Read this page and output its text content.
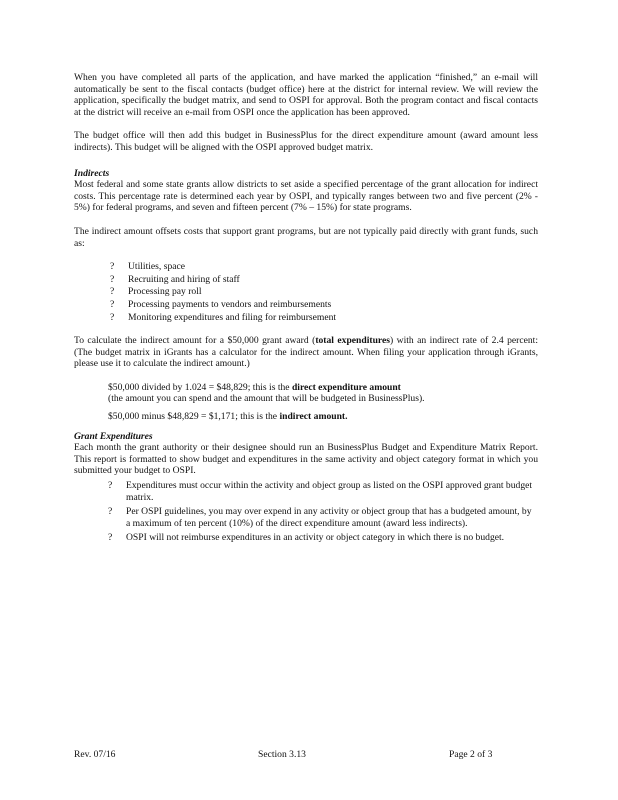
When you have completed all parts of the application, and have marked the application “finished,” an e-mail will automatically be sent to the fiscal contacts (budget office) here at the district for internal review. We will review the application, specifically the budget matrix, and send to OSPI for approval. Both the program contact and fiscal contacts at the district will receive an e-mail from OSPI once the application has been approved.

The budget office will then add this budget in BusinessPlus for the direct expenditure amount (award amount less indirects). This budget will be aligned with the OSPI approved budget matrix.

Indirects

Most federal and some state grants allow districts to set aside a specified percentage of the grant allocation for indirect costs. This percentage rate is determined each year by OSPI, and typically ranges between two and five percent (2% - 5%) for federal programs, and seven and fifteen percent (7% – 15%) for state programs.

The indirect amount offsets costs that support grant programs, but are not typically paid directly with grant funds, such as:

? Utilities, space
? Recruiting and hiring of staff
? Processing pay roll
? Processing payments to vendors and reimbursements
? Monitoring expenditures and filing for reimbursement

To calculate the indirect amount for a $50,000 grant award (total expenditures) with an indirect rate of 2.4 percent: (The budget matrix in iGrants has a calculator for the indirect amount. When filing your application through iGrants, please use it to calculate the indirect amount.)

$50,000 divided by 1.024 = $48,829; this is the direct expenditure amount
(the amount you can spend and the amount that will be budgeted in BusinessPlus).

$50,000 minus $48,829 = $1,171; this is the indirect amount.

Grant Expenditures

Each month the grant authority or their designee should run an BusinessPlus Budget and Expenditure Matrix Report. This report is formatted to show budget and expenditures in the same activity and object category format in which you submitted your budget to OSPI.

? Expenditures must occur within the activity and object group as listed on the OSPI approved grant budget matrix.
? Per OSPI guidelines, you may over expend in any activity or object group that has a budgeted amount, by a maximum of ten percent (10%) of the direct expenditure amount (award less indirects).
? OSPI will not reimburse expenditures in an activity or object category in which there is no budget.
Rev. 07/16	Section 3.13	Page 2 of 3
